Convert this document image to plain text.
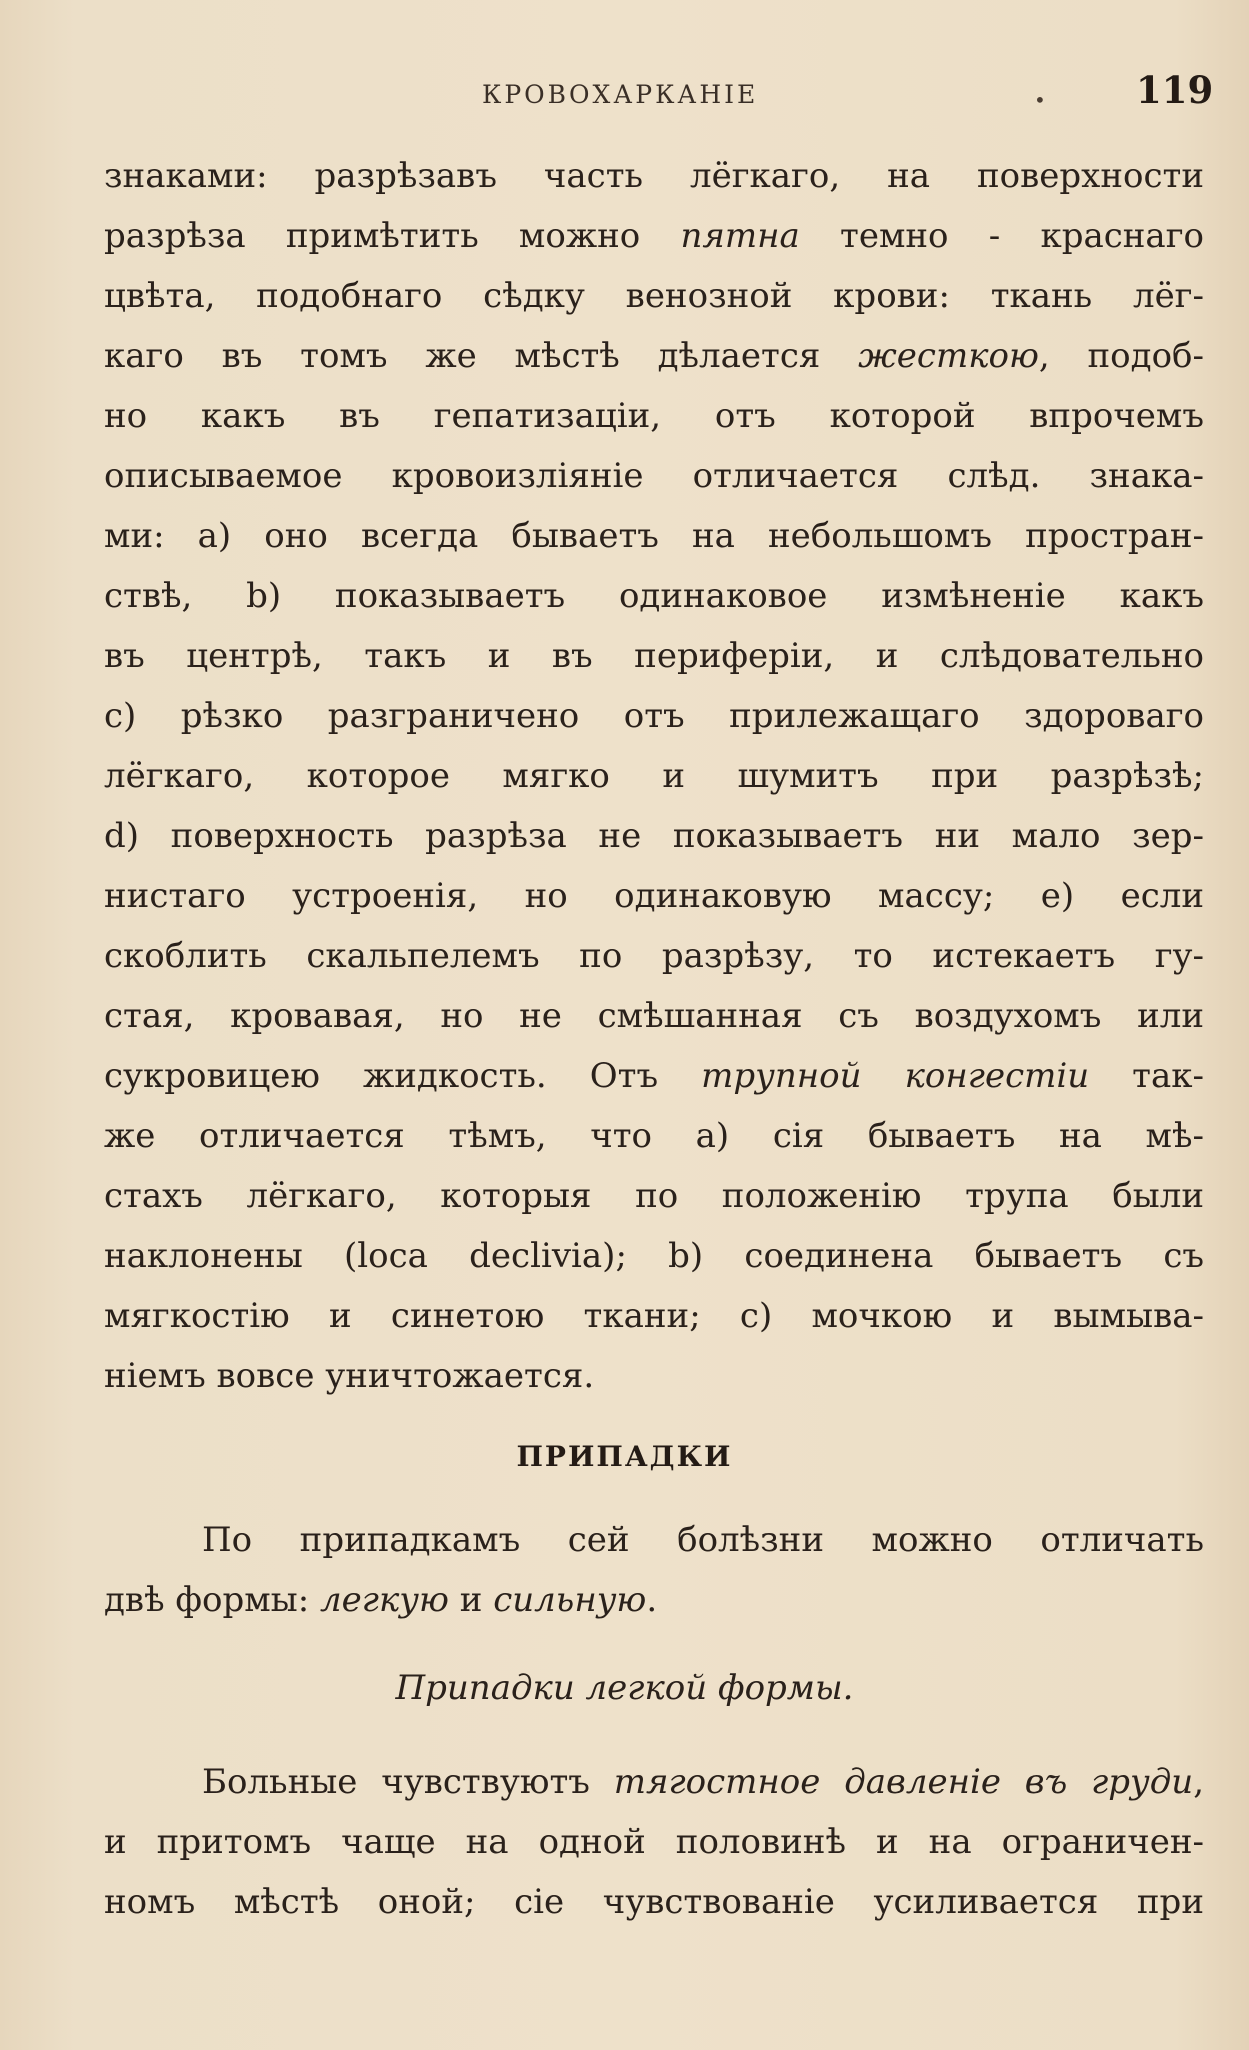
КРОВОХАРКАНІЕ	• 119
знаками: разрѣзавъ часть лёгкаго, на поверхности
разрѣза примѣтить можно пятна темно - краснаго
цвѣта, подобнаго сѣдку венозной крови: ткань лёг-
каго въ томъ же мѣстѣ дѣлается жесткою, подоб-
но какъ въ гепатизаціи, отъ которой впрочемъ
описываемое кровоизліяніе отличается слѣд. знака-
ми: a) оно всегда бываетъ на небольшомъ простран-
ствѣ, b) показываетъ одинаковое измѣненіе какъ
въ центрѣ, такъ и въ периферіи, и слѣдовательно
c) рѣзко разграничено отъ прилежащаго здороваго
лёгкаго, которое мягко и шумитъ при разрѣзѣ;
d) поверхность разрѣза не показываетъ ни мало зер-
нистаго устроенія, но одинаковую массу; e) если
скоблить скальпелемъ по разрѣзу, то истекаетъ гу-
стая, кровавая, но не смѣшанная съ воздухомъ или
сукровицею жидкость. Отъ трупной конгестіи так-
же отличается тѣмъ, что a) сія бываетъ на мѣ-
стахъ лёгкаго, которыя по положенію трупа были
наклонены (loca declivia); b) соединена бываетъ съ
мягкостію и синетою ткани; c) мочкою и вымыва-
ніемъ вовсе уничтожается.
ПРИПАДКИ
По припадкамъ сей болѣзни можно отличать
двѣ формы: легкую и сильную.
Припадки легкой формы.
Больные чувствуютъ тягостное давленіе въ груди,
и притомъ чаще на одной половинѣ и на ограничен-
номъ мѣстѣ оной; сіе чувствованіе усиливается при
